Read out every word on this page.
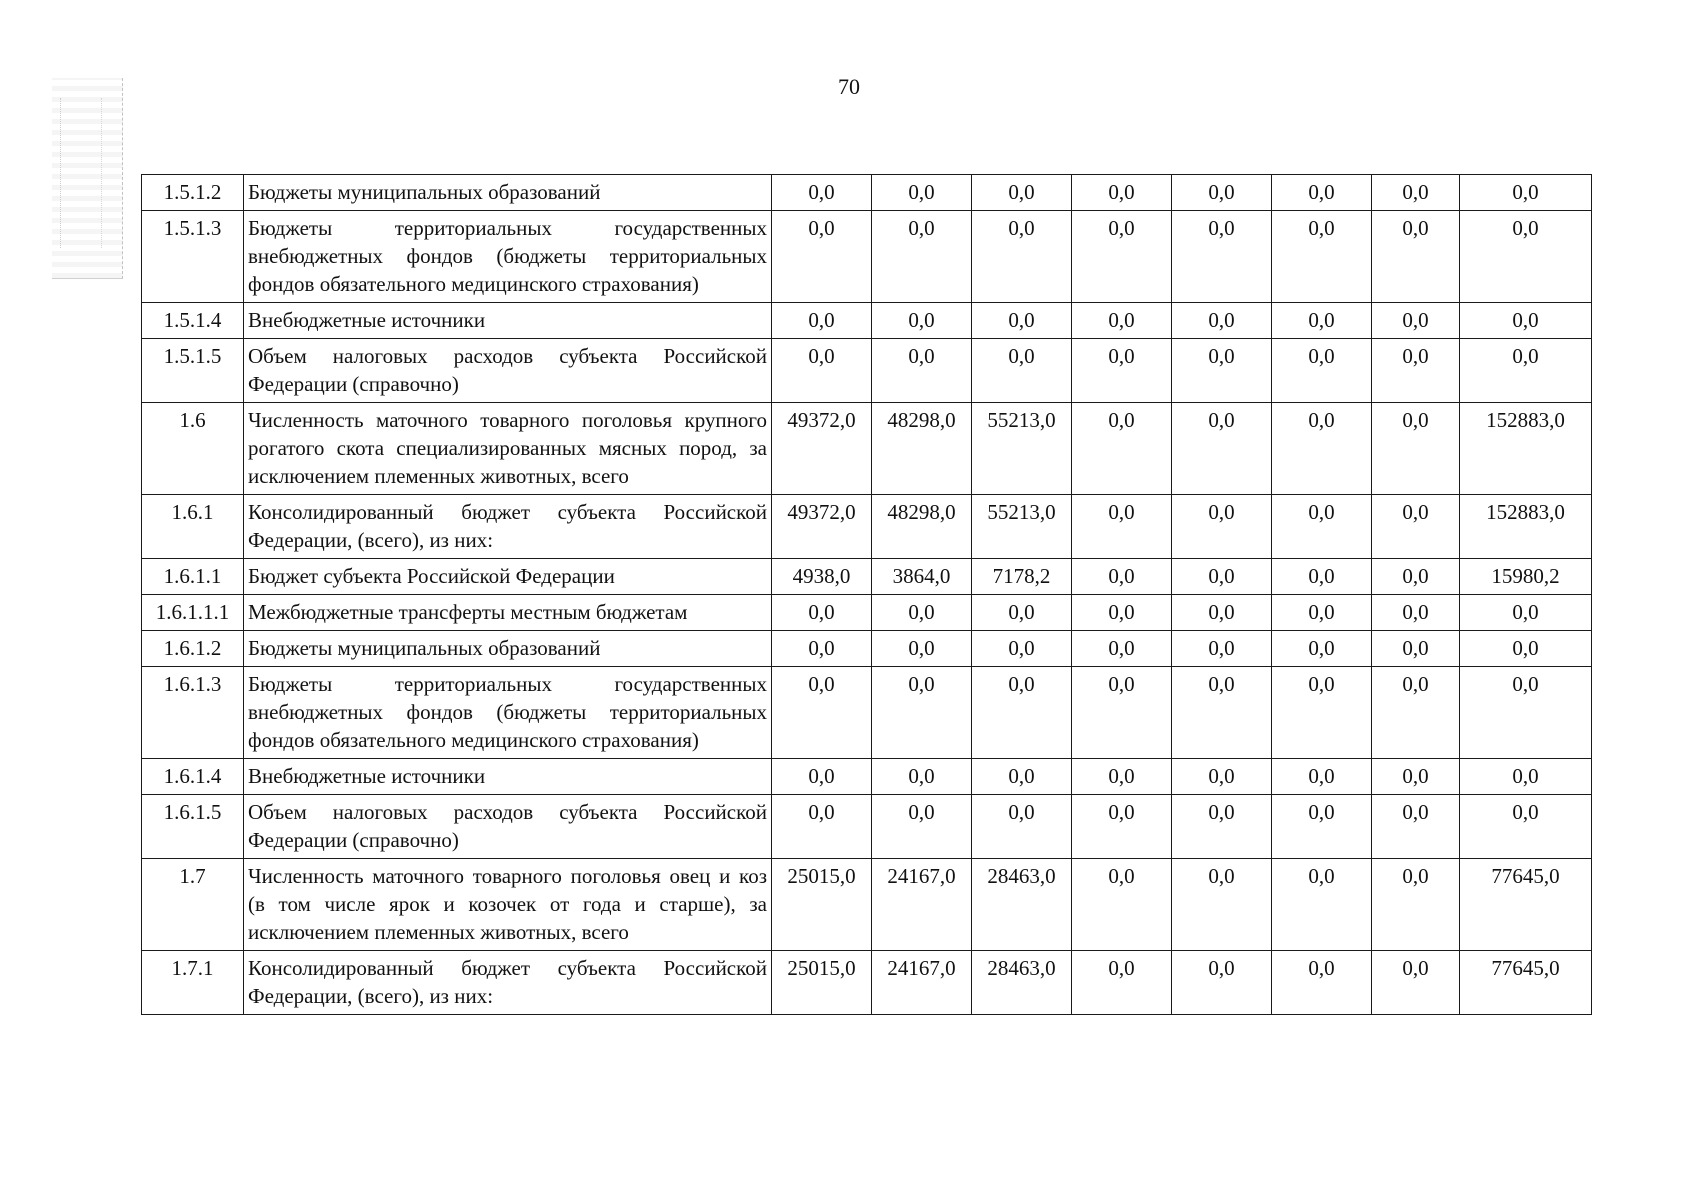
70
1.5.1.2	Бюджеты муниципальных образований	0,0	0,0	0,0	0,0	0,0	0,0	0,0	0,0
1.5.1.3	Бюджеты территориальных государственных внебюджетных фондов (бюджеты территориальных фондов обязательного медицинского страхования)	0,0	0,0	0,0	0,0	0,0	0,0	0,0	0,0
1.5.1.4	Внебюджетные источники	0,0	0,0	0,0	0,0	0,0	0,0	0,0	0,0
1.5.1.5	Объем налоговых расходов субъекта Российской Федерации (справочно)	0,0	0,0	0,0	0,0	0,0	0,0	0,0	0,0
1.6	Численность маточного товарного поголовья крупного рогатого скота специализированных мясных пород, за исключением племенных животных, всего	49372,0	48298,0	55213,0	0,0	0,0	0,0	0,0	152883,0
1.6.1	Консолидированный бюджет субъекта Российской Федерации, (всего), из них:	49372,0	48298,0	55213,0	0,0	0,0	0,0	0,0	152883,0
1.6.1.1	Бюджет субъекта Российской Федерации	4938,0	3864,0	7178,2	0,0	0,0	0,0	0,0	15980,2
1.6.1.1.1	Межбюджетные трансферты местным бюджетам	0,0	0,0	0,0	0,0	0,0	0,0	0,0	0,0
1.6.1.2	Бюджеты муниципальных образований	0,0	0,0	0,0	0,0	0,0	0,0	0,0	0,0
1.6.1.3	Бюджеты территориальных государственных внебюджетных фондов (бюджеты территориальных фондов обязательного медицинского страхования)	0,0	0,0	0,0	0,0	0,0	0,0	0,0	0,0
1.6.1.4	Внебюджетные источники	0,0	0,0	0,0	0,0	0,0	0,0	0,0	0,0
1.6.1.5	Объем налоговых расходов субъекта Российской Федерации (справочно)	0,0	0,0	0,0	0,0	0,0	0,0	0,0	0,0
1.7	Численность маточного товарного поголовья овец и коз (в том числе ярок и козочек от года и старше), за исключением племенных животных, всего	25015,0	24167,0	28463,0	0,0	0,0	0,0	0,0	77645,0
1.7.1	Консолидированный бюджет субъекта Российской Федерации, (всего), из них:	25015,0	24167,0	28463,0	0,0	0,0	0,0	0,0	77645,0
